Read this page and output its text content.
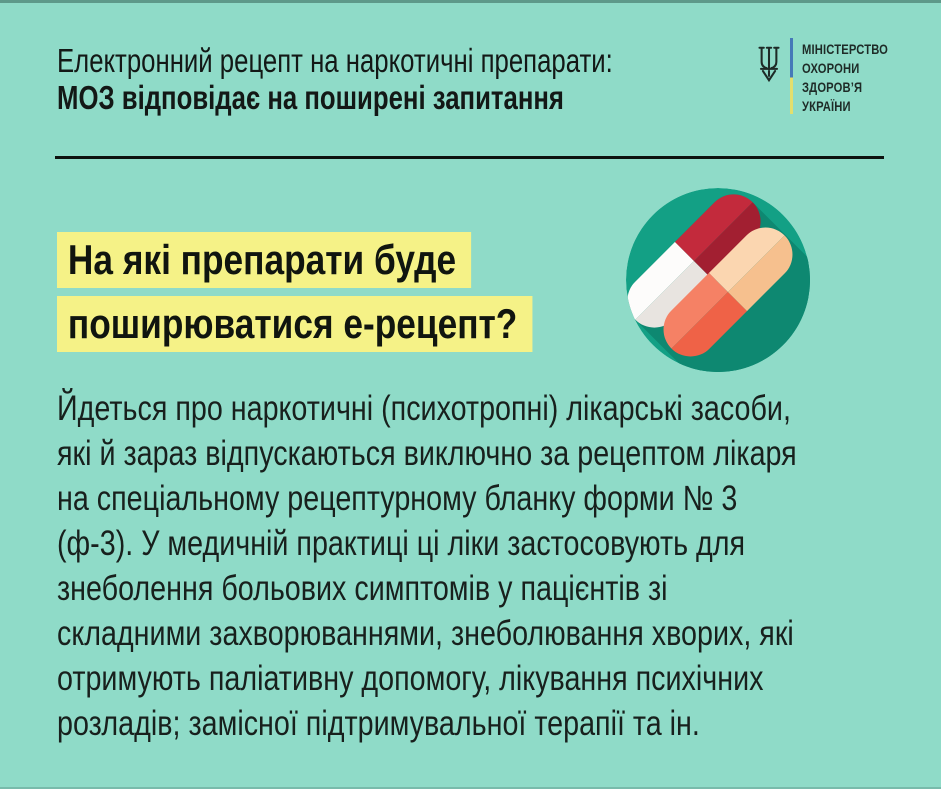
Електронний рецепт на наркотичні препарати:
МОЗ відповідає на поширені запитання
МІНІСТЕРСТВО
ОХОРОНИ
ЗДОРОВ’Я
УКРАЇНИ
На які препарати буде
поширюватися е-рецепт?
Йдеться про наркотичні (психотропні) лікарські засоби,
які й зараз відпускаються виключно за рецептом лікаря
на спеціальному рецептурному бланку форми № 3
(ф-3). У медичній практиці ці ліки застосовують для
знеболення больових симптомів у пацієнтів зі
складними захворюваннями, знеболювання хворих, які
отримують паліативну допомогу, лікування психічних
розладів; замісної підтримувальної терапії та ін.
